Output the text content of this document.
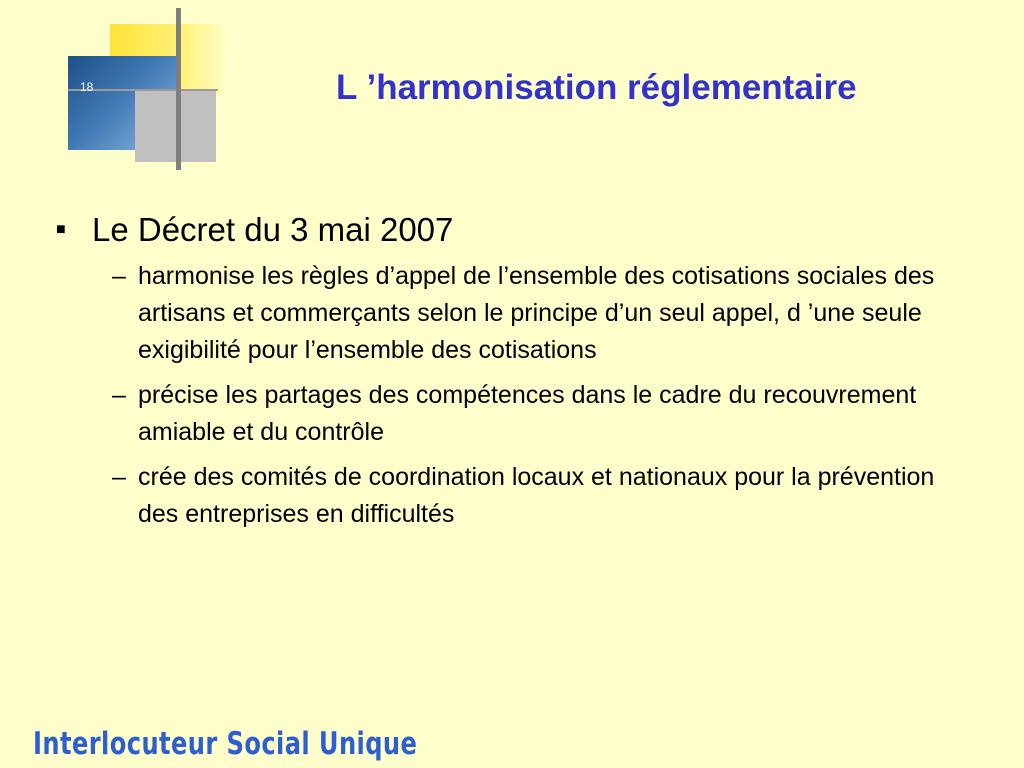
18	L ’harmonisation réglementaire
■ Le Décret du 3 mai 2007
– harmonise les règles d’appel de l’ensemble des cotisations sociales des artisans et commerçants selon le principe d’un seul appel, d ’une seule exigibilité pour l’ensemble des cotisations
– précise les partages des compétences dans le cadre du recouvrement amiable et du contrôle
– crée des comités de coordination locaux et nationaux pour la prévention des entreprises en difficultés
Interlocuteur Social Unique
